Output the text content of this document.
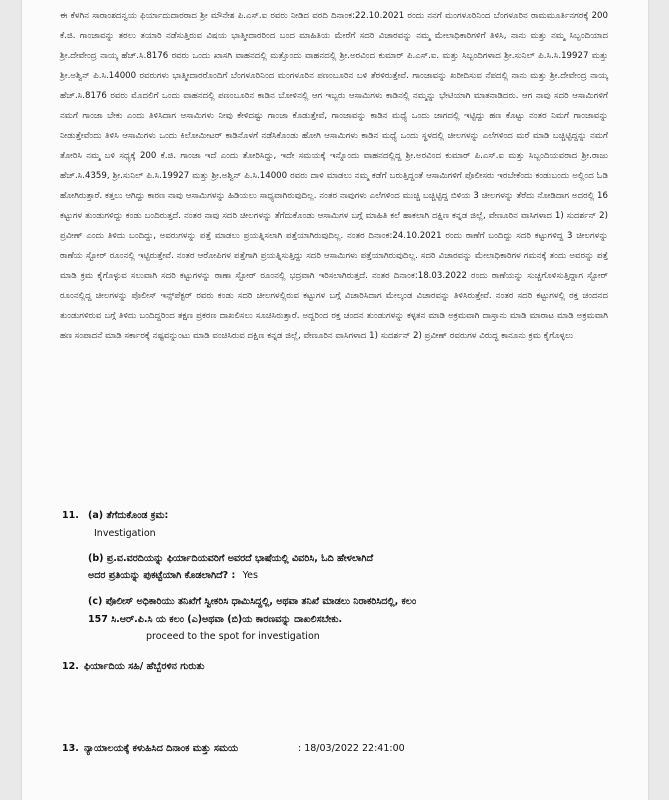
ಈ ಕೆಳಗಿನ ಸಾರಾಂಶದನ್ವಯ ಫಿರ್ಯಾದುದಾರರಾದ ಶ್ರೀ ಮೌನೇಶ ಪಿ.ಎಸ್.ಐ ರವರು ನೀಡಿದ ವರದಿ ದಿನಾಂಕ:22.10.2021 ರಂದು ನನಗೆ ಮಂಗಳೂರಿನಿಂದ ಬೆಂಗಳೂರಿನ ರಾಮಮೂರ್ತಿನಗರಕ್ಕೆ 200 ಕೆ.ಜಿ. ಗಾಂಜಾವನ್ನು ತರಲು ತಯಾರಿ ನಡೆಸುತ್ತಿರುವ ವಿಷಯ ಭಾತ್ಮೀದಾರರಿಂದ ಬಂದ ಮಾಹಿತಿಯ ಮೇರೆಗೆ ಸದರಿ ವಿಚಾರವನ್ನು ನಮ್ಮ ಮೇಲಾಧಿಕಾರಿಗಳಿಗೆ ತಿಳಿಸಿ, ನಾನು ಮತ್ತು ನಮ್ಮ ಸಿಬ್ಬಂದಿಯಾದ ಶ್ರೀ.ದೇವೇಂದ್ರ ನಾಯ್ಕ ಹೆಚ್.ಸಿ.8176 ರವರು ಒಂದು ಖಾಸಗಿ ವಾಹನದಲ್ಲಿ ಮತ್ತೊಂದು ವಾಹನದಲ್ಲಿ ಶ್ರೀ.ಅರವಿಂದ ಕುಮಾರ್ ಪಿ.ಎಸ್.ಐ. ಮತ್ತು ಸಿಬ್ಬಂದಿಗಳಾದ ಶ್ರೀ.ಸುನಿಲ್ ಪಿ.ಸಿ.ಸಿ.19927 ಮತ್ತು ಶ್ರೀ.ಅಶ್ವಿನ್ ಪಿ.ಸಿ.14000 ರವರುಗಳು ಭಾತ್ಮೀದಾರರೊಂದಿಗೆ ಬೆಂಗಳೂರಿನಿಂದ ಮಂಗಳೂರಿನ ಪಣಂಬೂರಿನ ಬಳಿ ತೆರಳಿರುತ್ತೇವೆ. ಗಾಂಜಾವನ್ನು ಖರೀದಿಸುವ ನೆಪದಲ್ಲಿ ನಾನು ಮತ್ತು ಶ್ರೀ.ದೇವೇಂದ್ರ ನಾಯ್ಕ ಹೆಚ್.ಸಿ.8176 ರವರು ಮೊದಲಿಗೆ ಒಂದು ವಾಹನದಲ್ಲಿ ಪಣಂಬೂರಿನ ಕಾಡಿನ ಬೋಳಿನಲ್ಲಿ ಆಗ ಇಬ್ಬರು ಆಸಾಮಿಗಳು ಕಾಡಿನಲ್ಲಿ ನಮ್ಮನ್ನು ಭೇಟಿಯಾಗಿ ಮಾತನಾಡಿದರು. ಆಗ ನಾವು ಸದರಿ ಆಸಾಮಿಗಳಿಗೆ ನಮಗೆ ಗಾಂಜಾ ಬೇಕು ಎಂದು ತಿಳಿಸಿದಾಗ ಆಸಾಮಿಗಳು ನೀವು ಕೇಳಿದಷ್ಟು ಗಾಂಜಾ ಕೊಡುತ್ತೇವೆ, ಗಾಂಜಾವನ್ನು ಕಾಡಿನ ಮಧ್ಯೆ ಒಂದು ಜಾಗದಲ್ಲಿ ಇಟ್ಟಿದ್ದು ಹಣ ಕೊಟ್ಟು ನಂತರ ನಿಮಗೆ ಗಾಂಜಾವನ್ನು ನೀಡುತ್ತೇವೆಂದು ತಿಳಿಸಿ ಆಸಾಮಿಗಳು ಒಂದು ಕಿಲೋಮೀಟರ್ ಕಾಡಿನೊಳಗೆ ನಡೆಸಿಕೊಂಡು ಹೋಗಿ ಆಸಾಮಿಗಳು ಕಾಡಿನ ಮಧ್ಯೆ ಒಂದು ಸ್ಥಳದಲ್ಲಿ ಚೀಲಗಳನ್ನು ಎಲೆಗಳಿಂದ ಮರೆ ಮಾಡಿ ಬಚ್ಚಿಟ್ಟಿದ್ದನ್ನು ನಮಗೆ ತೋರಿಸಿ ನಮ್ಮ ಬಳಿ ಸಧ್ಯಕ್ಕೆ 200 ಕೆ.ಜಿ. ಗಾಂಜಾ ಇದೆ ಎಂದು ತೋರಿಸಿದ್ದು, ಇದೇ ಸಮಯಕ್ಕೆ ಇನ್ನೊಂದು ವಾಹನದಲ್ಲಿದ್ದ ಶ್ರೀ.ಅರವಿಂದ ಕುಮಾರ್ ಪಿ.ಎಸ್.ಐ ಮತ್ತು ಸಿಬ್ಬಂದಿಯವರಾದ ಶ್ರೀ.ರಾಜು ಹೆಚ್.ಸಿ.4359, ಶ್ರೀ.ಸುನಿಲ್ ಪಿ.ಸಿ.19927 ಮತ್ತು ಶ್ರೀ.ಅಶ್ವಿನ್ ಪಿ.ಸಿ.14000 ರವರು ದಾಳಿ ಮಾಡಲು ನಮ್ಮ ಕಡೆಗೆ ಬರುತ್ತಿದ್ದಂತೆ ಆಸಾಮಿಗಳಿಗೆ ಪೊಲೀಸರು ಇರಬೇಕೆಂದು ಕಂಡುಬಂದು ಅಲ್ಲಿಂದ ಓಡಿ ಹೋಗಿರುತ್ತಾರೆ. ಕತ್ತಲು ಆಗಿದ್ದು ಕಾರಣ ನಾವು ಆಸಾಮಿಗಳನ್ನು ಹಿಡಿಯಲು ಸಾಧ್ಯವಾಗಿರುವುದಿಲ್ಲ. ನಂತರ ನಾವುಗಳು ಎಲೆಗಳಿಂದ ಮುಚ್ಚಿ ಬಚ್ಚಿಟ್ಟಿದ್ದ ಬಿಳಿಯ 3 ಚೀಲಗಳನ್ನು ತೆರೆದು ನೋಡಿದಾಗ ಅದರಲ್ಲಿ 16 ಕಟ್ಟುಗಳ ತುಂಡುಗಳಿದ್ದು ಕಂಡು ಬಂದಿರುತ್ತದೆ. ನಂತರ ನಾವು ಸದರಿ ಚೀಲಗಳನ್ನು ತೆಗೆದುಕೊಂಡು ಆಸಾಮಿಗಳ ಬಗ್ಗೆ ಮಾಹಿತಿ ಕಲೆ ಹಾಕಲಾಗಿ ದಕ್ಷಿಣ ಕನ್ನಡ ಜಿಲ್ಲೆ, ವೇಣೂರಿನ ವಾಸಿಗಳಾದ 1) ಸುದರ್ಶನ್ 2) ಪ್ರವೀಣ್ ಎಂದು ತಿಳಿದು ಬಂದಿದ್ದು, ಅವರುಗಳನ್ನು ಪತ್ತೆ ಮಾಡಲು ಪ್ರಯತ್ನಿಸಲಾಗಿ ಪತ್ತೆಯಾಗಿರುವುದಿಲ್ಲ. ನಂತರ ದಿನಾಂಕ:24.10.2021 ರಂದು ಠಾಣೆಗೆ ಬಂದಿದ್ದು ಸದರಿ ಕಟ್ಟುಗಳಿದ್ದ 3 ಚೀಲಗಳನ್ನು ಠಾಣೆಯ ಸ್ಟೋರ್ ರೂಂನಲ್ಲಿ ಇಟ್ಟಿರುತ್ತೇವೆ. ನಂತರ ಆರೋಪಿಗಳ ಪತ್ತೆಗಾಗಿ ಪ್ರಯತ್ನಿಸುತ್ತಿದ್ದು ಸದರಿ ಆಸಾಮಿಗಳು ಪತ್ತೆಯಾಗಿರುವುದಿಲ್ಲ. ಸದರಿ ವಿಚಾರವನ್ನು ಮೇಲಾಧಿಕಾರಿಗಳ ಗಮನಕ್ಕೆ ತಂದು ಅವರನ್ನು ಪತ್ತೆ ಮಾಡಿ ಕ್ರಮ ಕೈಗೊಳ್ಳುವ ಸಲುವಾಗಿ ಸದರಿ ಕಟ್ಟುಗಳನ್ನು ಠಾಣಾ ಸ್ಟೋರ್ ರೂಂನಲ್ಲಿ ಭದ್ರವಾಗಿ ಇರಿಸಲಾಗಿರುತ್ತದೆ. ನಂತರ ದಿನಾಂಕ:18.03.2022 ರಂದು ಠಾಣೆಯನ್ನು ಸುಚ್ಚಗೊಳಿಸುತ್ತಿದ್ದಾಗ ಸ್ಟೋರ್ ರೂಂನಲ್ಲಿದ್ದ ಚೀಲಗಳನ್ನು ಪೊಲೀಸ್ ಇನ್ಸ್‌ಪೆಕ್ಟರ್ ರವರು ಕಂಡು ಸದರಿ ಚೀಲಗಳಲ್ಲಿರುವ ಕಟ್ಟುಗಳ ಬಗ್ಗೆ ವಿಚಾರಿಸಿದಾಗ ಮೇಲ್ಕಂಡ ವಿಚಾರವನ್ನು ತಿಳಿಸಿರುತ್ತೇವೆ. ನಂತರ ಸದರಿ ಕಟ್ಟುಗಳಲ್ಲಿ ರಕ್ತ ಚಂದನದ ತುಂಡುಗಳಿರುವ ಬಗ್ಗೆ ತಿಳಿದು ಬಂದಿದ್ದರಿಂದ ತಕ್ಷಣ ಪ್ರಕರಣ ದಾಖಲಿಸಲು ಸೂಚಿಸಿರುತ್ತಾರೆ. ಅದ್ದರಿಂದ ರಕ್ತ ಚಂದನ ತುಂಡುಗಳನ್ನು ಕಳ್ಳತನ ಮಾಡಿ ಅಕ್ರಮವಾಗಿ ದಾಸ್ತಾನು ಮಾಡಿ ಮಾರಾಟ ಮಾಡಿ ಅಕ್ರಮವಾಗಿ ಹಣ ಸಂಪಾದನೆ ಮಾಡಿ ಸರ್ಕಾರಕ್ಕೆ ನಷ್ಟವನ್ನುಂಟು ಮಾಡಿ ವಂಚಿಸಿರುವ ದಕ್ಷಿಣ ಕನ್ನಡ ಜಿಲ್ಲೆ, ವೇಣೂರಿನ ವಾಸಿಗಳಾದ 1) ಸುದರ್ಶನ್ 2) ಪ್ರವೀಣ್ ರವರುಗಳ ವಿರುದ್ಧ ಕಾನೂನು ಕ್ರಮ ಕೈಗೊಳ್ಳಲು
11. (a) ತೆಗೆದುಕೊಂಡ ಕ್ರಮ:
Investigation
(b) ಪ್ರ.ವ.ವರದಿಯನ್ನು ಫಿರ್ಯಾದಿಯವರಿಗೆ ಅವರದೆ ಭಾಷೆಯಲ್ಲಿ ವಿವರಿಸಿ, ಓದಿ ಹೇಳಲಾಗಿದೆ
ಅದರ ಪ್ರತಿಯನ್ನು ಪುಕಟ್ಟೆಯಾಗಿ ಕೊಡಲಾಗಿದೆ? : Yes
(c) ಪೊಲೀಸ್ ಅಧಿಕಾರಿಯು ತನಿಖೆಗೆ ಸ್ವೀಕರಿಸಿ ಧಾಮಿಸಿದ್ದಲ್ಲಿ, ಅಥವಾ ತನಿಖೆ ಮಾಡಲು ನಿರಾಕರಿಸಿದಲ್ಲಿ, ಕಲಂ
157 ಸಿ.ಆರ್.ಪಿ.ಸಿ ಯ ಕಲಂ (ಎ)ಅಥವಾ (ಬಿ)ಯ ಕಾರಣವನ್ನು ದಾಖಲಿಸಬೇಕು.
proceed to the spot for investigation
12. ಫಿರ್ಯಾದಿಯ ಸಹಿ/ ಹೆಬ್ಬೆರಳಿನ ಗುರುತು
13. ನ್ಯಾಯಾಲಯಕ್ಕೆ ಕಳುಹಿಸಿದ ದಿನಾಂಕ ಮತ್ತು ಸಮಯ	: 18/03/2022 22:41:00
